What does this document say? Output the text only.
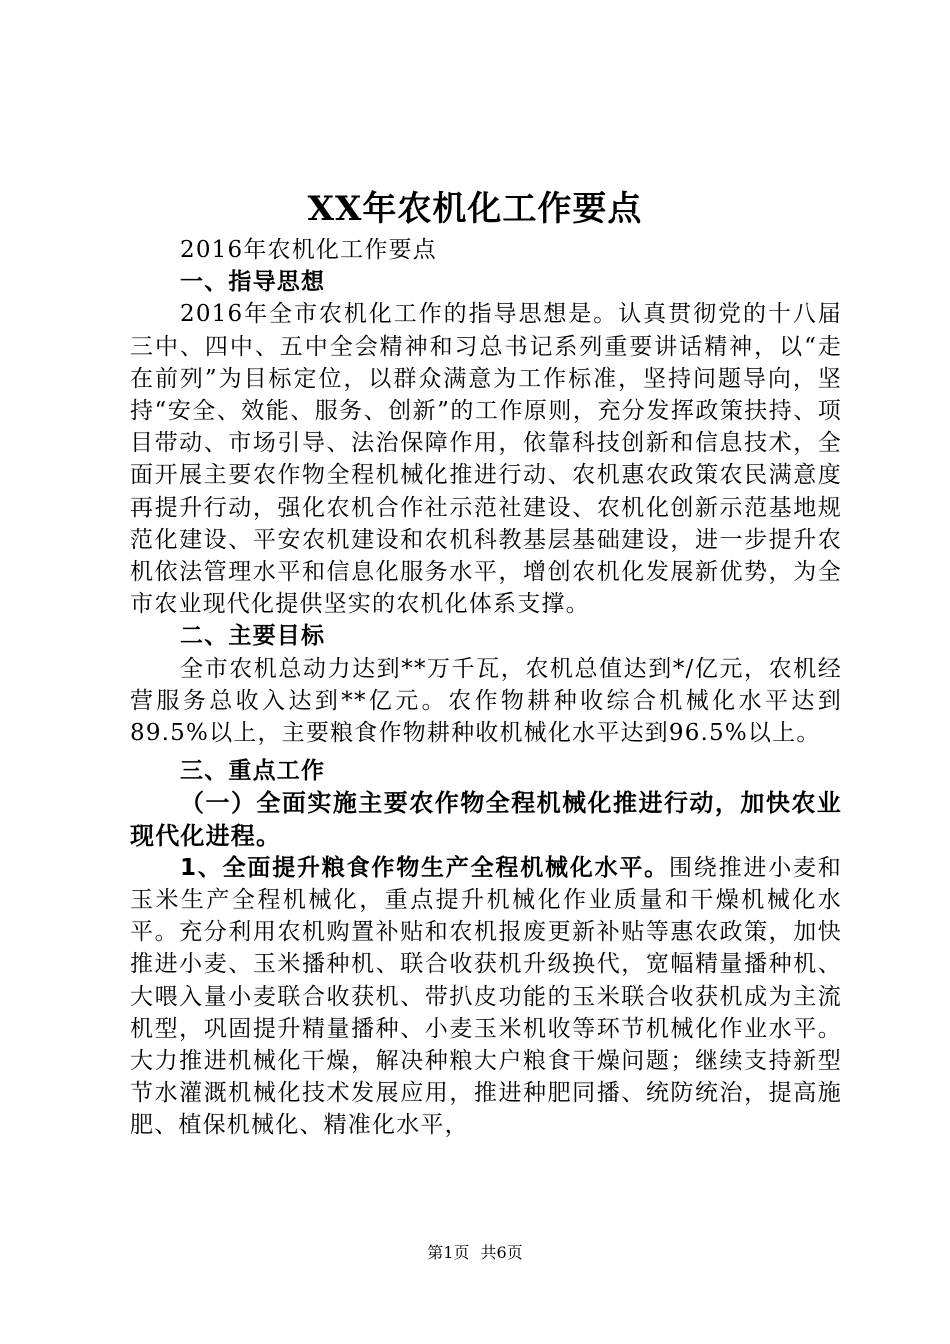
XX年农机化工作要点

2016年农机化工作要点

一、指导思想

2016年全市农机化工作的指导思想是。认真贯彻党的十八届三中、四中、五中全会精神和习总书记系列重要讲话精神，以“走在前列”为目标定位，以群众满意为工作标准，坚持问题导向，坚持“安全、效能、服务、创新”的工作原则，充分发挥政策扶持、项目带动、市场引导、法治保障作用，依靠科技创新和信息技术，全面开展主要农作物全程机械化推进行动、农机惠农政策农民满意度再提升行动，强化农机合作社示范社建设、农机化创新示范基地规范化建设、平安农机建设和农机科教基层基础建设，进一步提升农机依法管理水平和信息化服务水平，增创农机化发展新优势，为全市农业现代化提供坚实的农机化体系支撑。

二、主要目标

全市农机总动力达到**万千瓦，农机总值达到*/亿元，农机经营服务总收入达到**亿元。农作物耕种收综合机械化水平达到89.5%以上，主要粮食作物耕种收机械化水平达到96.5%以上。

三、重点工作

（一）全面实施主要农作物全程机械化推进行动，加快农业现代化进程。

1、全面提升粮食作物生产全程机械化水平。围绕推进小麦和玉米生产全程机械化，重点提升机械化作业质量和干燥机械化水平。充分利用农机购置补贴和农机报废更新补贴等惠农政策，加快推进小麦、玉米播种机、联合收获机升级换代，宽幅精量播种机、大喂入量小麦联合收获机、带扒皮功能的玉米联合收获机成为主流机型，巩固提升精量播种、小麦玉米机收等环节机械化作业水平。大力推进机械化干燥，解决种粮大户粮食干燥问题；继续支持新型节水灌溉机械化技术发展应用，推进种肥同播、统防统治，提高施肥、植保机械化、精准化水平，

第1页 共6页
